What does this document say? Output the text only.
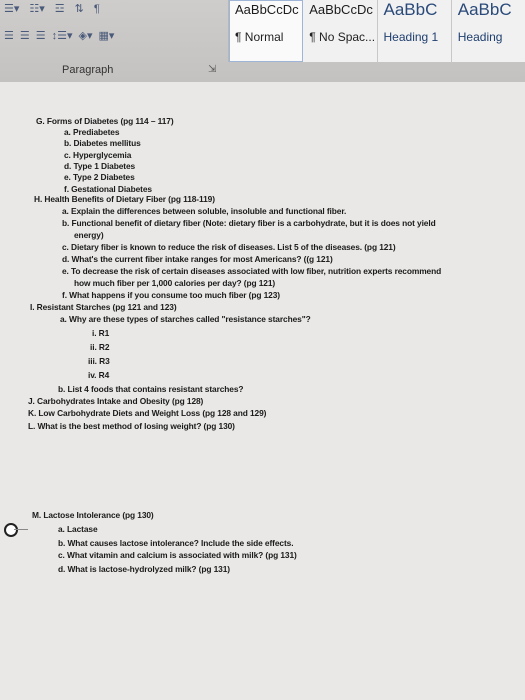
☰▾ ☷▾ ☲ ⇅ ¶
☰ ☰ ☰ ↕☰▾ ◈▾ ▦▾
Paragraph	⇲
AaBbCcDc
¶ Normal
AaBbCcDc
¶ No Spac...
AaBbC
Heading 1
AaBbC
Heading
G. Forms of Diabetes (pg 114 – 117)
a. Prediabetes
b. Diabetes mellitus
c. Hyperglycemia
d. Type 1 Diabetes
e. Type 2 Diabetes
f. Gestational Diabetes
H. Health Benefits of Dietary Fiber (pg 118-119)
a. Explain the differences between soluble, insoluble and functional fiber.
b. Functional benefit of dietary fiber (Note: dietary fiber is a carbohydrate, but it is does not yield
energy)
c. Dietary fiber is known to reduce the risk of diseases. List 5 of the diseases. (pg 121)
d. What's the current fiber intake ranges for most Americans? ((g 121)
e. To decrease the risk of certain diseases associated with low fiber, nutrition experts recommend
how much fiber per 1,000 calories per day? (pg 121)
f. What happens if you consume too much fiber (pg 123)
I. Resistant Starches (pg 121 and 123)
a. Why are these types of starches called "resistance starches"?
i. R1
ii. R2
iii. R3
iv. R4
b. List 4 foods that contains resistant starches?
J. Carbohydrates Intake and Obesity (pg 128)
K. Low Carbohydrate Diets and Weight Loss (pg 128 and 129)
L. What is the best method of losing weight? (pg 130)
M. Lactose Intolerance (pg 130)
a. Lactase
b. What causes lactose intolerance? Include the side effects.
c. What vitamin and calcium is associated with milk? (pg 131)
d. What is lactose-hydrolyzed milk? (pg 131)
